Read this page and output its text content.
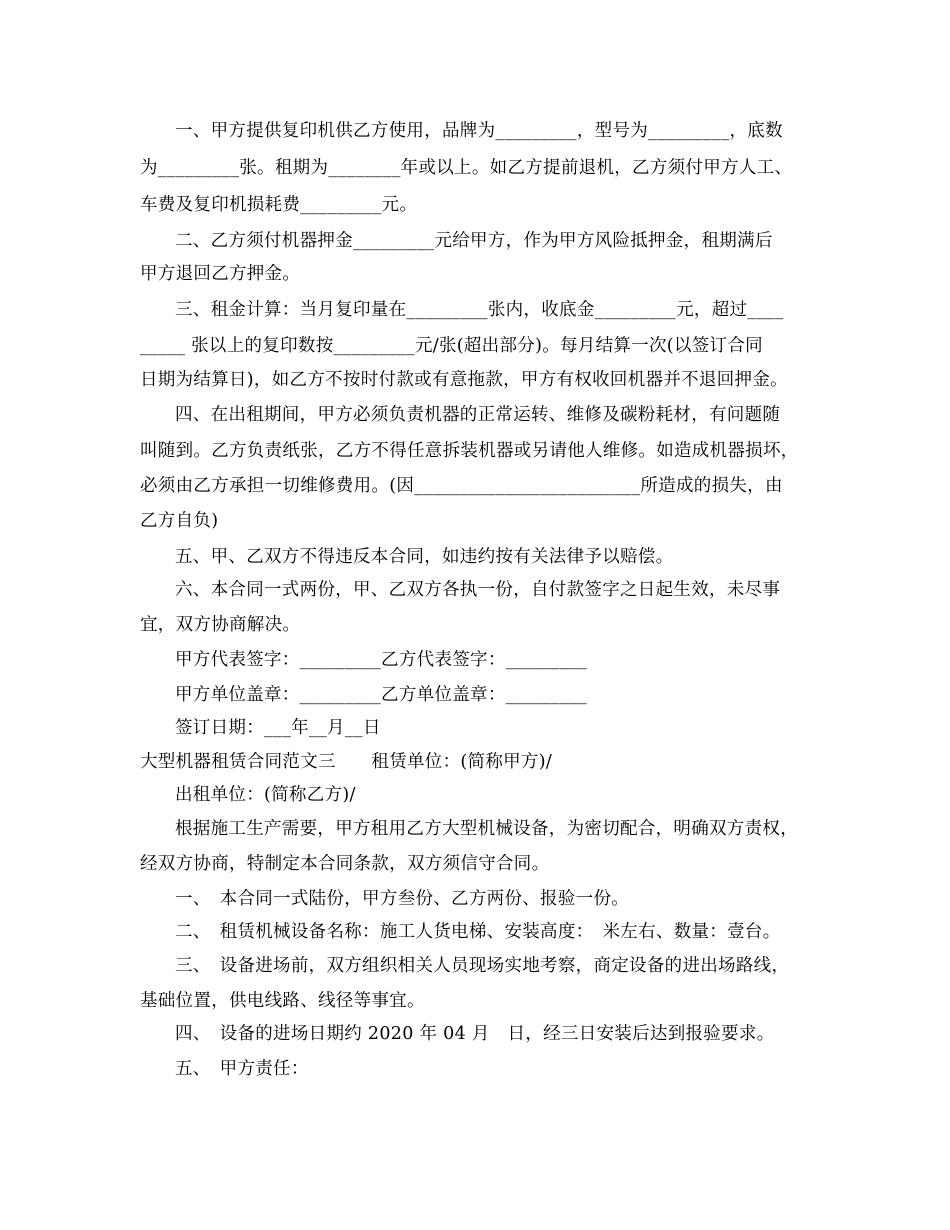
一、甲方提供复印机供乙方使用，品牌为_________，型号为_________，底数
为_________张。租期为________年或以上。如乙方提前退机，乙方须付甲方人工、
车费及复印机损耗费_________元。
二、乙方须付机器押金_________元给甲方，作为甲方风险抵押金，租期满后
甲方退回乙方押金。
三、租金计算：当月复印量在_________张内，收底金_________元，超过____
_____ 张以上的复印数按_________元/张(超出部分)。每月结算一次(以签订合同
日期为结算日)，如乙方不按时付款或有意拖款，甲方有权收回机器并不退回押金。
四、在出租期间，甲方必须负责机器的正常运转、维修及碳粉耗材，有问题随
叫随到。乙方负责纸张，乙方不得任意拆装机器或另请他人维修。如造成机器损坏，
必须由乙方承担一切维修费用。(因_________________________所造成的损失，由
乙方自负)
五、甲、乙双方不得违反本合同，如违约按有关法律予以赔偿。
六、本合同一式两份，甲、乙双方各执一份，自付款签字之日起生效，未尽事
宜，双方协商解决。
甲方代表签字：_________乙方代表签字：_________
甲方单位盖章：_________乙方单位盖章：_________
签订日期：___年__月__日
大型机器租赁合同范文三　　租赁单位：(简称甲方)/
出租单位：(简称乙方)/
根据施工生产需要，甲方租用乙方大型机械设备，为密切配合，明确双方责权，
经双方协商，特制定本合同条款，双方须信守合同。
一、　本合同一式陆份，甲方叁份、乙方两份、报验一份。
二、　租赁机械设备名称：施工人货电梯、安装高度：　米左右、数量：壹台。
三、　设备进场前，双方组织相关人员现场实地考察，商定设备的进出场路线，
基础位置，供电线路、线径等事宜。
四、　设备的进场日期约 2020 年 04 月　日，经三日安装后达到报验要求。
五、　甲方责任：
